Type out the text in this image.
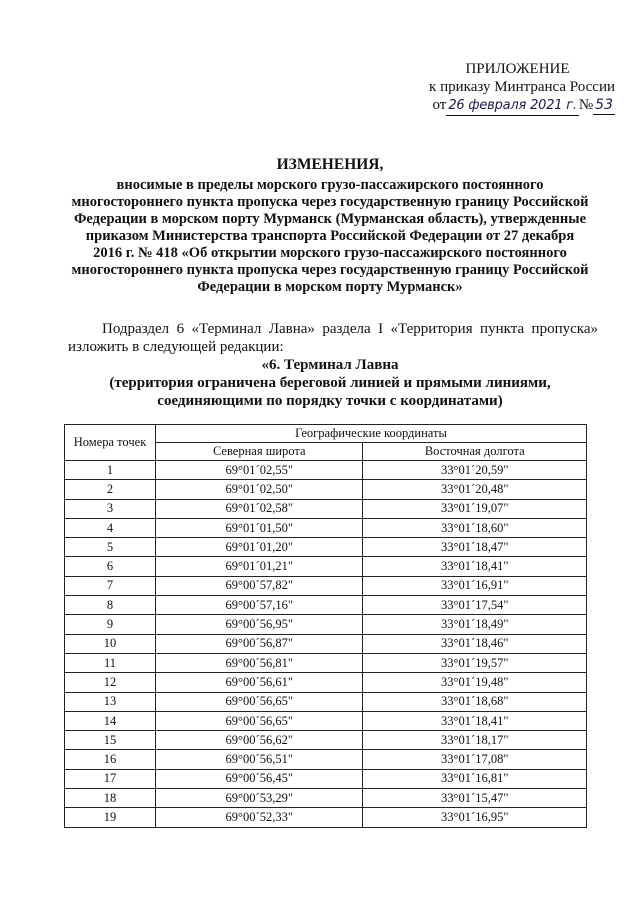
ПРИЛОЖЕНИЕ
к приказу Минтранса России
от 26 февраля 2021 г. № 53
ИЗМЕНЕНИЯ,
вносимые в пределы морского грузо-пассажирского постоянного
многостороннего пункта пропуска через государственную границу Российской
Федерации в морском порту Мурманск (Мурманская область), утвержденные
приказом Министерства транспорта Российской Федерации от 27 декабря
2016 г. № 418 «Об открытии морского грузо-пассажирского постоянного
многостороннего пункта пропуска через государственную границу Российской
Федерации в морском порту Мурманск»
Подраздел 6 «Терминал Лавна» раздела I «Территория пункта пропуска» изложить в следующей редакции:
«6. Терминал Лавна
(территория ограничена береговой линией и прямыми линиями,
соединяющими по порядку точки с координатами)
Номера точек	Географические координаты	
	Северная широта	Восточная долгота
1	69°01´02,55"	33°01´20,59"
2	69°01´02,50"	33°01´20,48"
3	69°01´02,58"	33°01´19,07"
4	69°01´01,50"	33°01´18,60"
5	69°01´01,20"	33°01´18,47"
6	69°01´01,21"	33°01´18,41"
7	69°00´57,82"	33°01´16,91"
8	69°00´57,16"	33°01´17,54"
9	69°00´56,95"	33°01´18,49"
10	69°00´56,87"	33°01´18,46"
11	69°00´56,81"	33°01´19,57"
12	69°00´56,61"	33°01´19,48"
13	69°00´56,65"	33°01´18,68"
14	69°00´56,65"	33°01´18,41"
15	69°00´56,62"	33°01´18,17"
16	69°00´56,51"	33°01´17,08"
17	69°00´56,45"	33°01´16,81"
18	69°00´53,29"	33°01´15,47"
19	69°00´52,33"	33°01´16,95"
